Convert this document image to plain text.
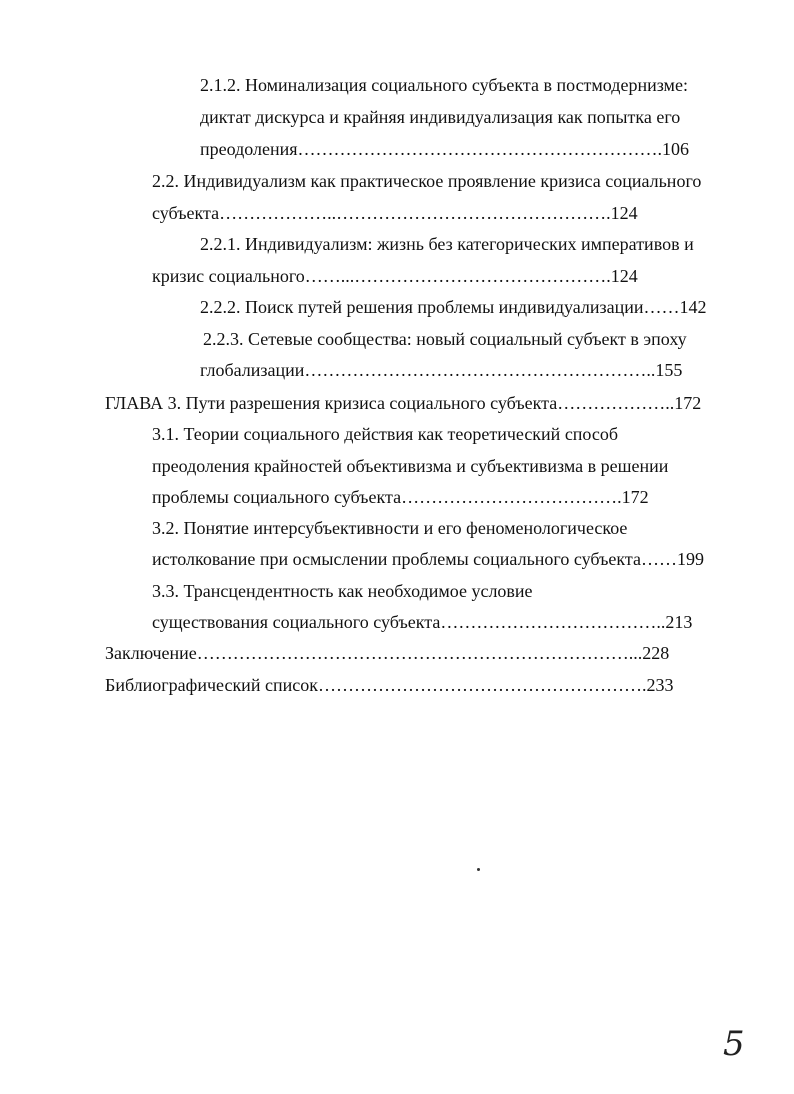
2.1.2. Номинализация социального субъекта в постмодернизме:
диктат дискурса и крайняя индивидуализация как попытка его
преодоления…………………………………………………….106
2.2. Индивидуализм как практическое проявление кризиса социального
субъекта………………..……………………………………….124
2.2.1. Индивидуализм: жизнь без категорических императивов и
кризис социального……...…………………………………….124
2.2.2. Поиск путей решения проблемы индивидуализации……142
2.2.3. Сетевые сообщества: новый социальный субъект в эпоху
глобализации…………………………………………………..155
ГЛАВА 3. Пути разрешения кризиса социального субъекта………………..172
3.1. Теории социального действия как теоретический способ
преодоления крайностей объективизма и субъективизма в решении
проблемы социального субъекта……………………………….172
3.2. Понятие интерсубъективности и его феноменологическое
истолкование при осмыслении проблемы социального субъекта……199
3.3. Трансцендентность как необходимое условие
существования социального субъекта………………………………..213
Заключение………………………………………………………………...228
Библиографический список……………………………………………….233
5
